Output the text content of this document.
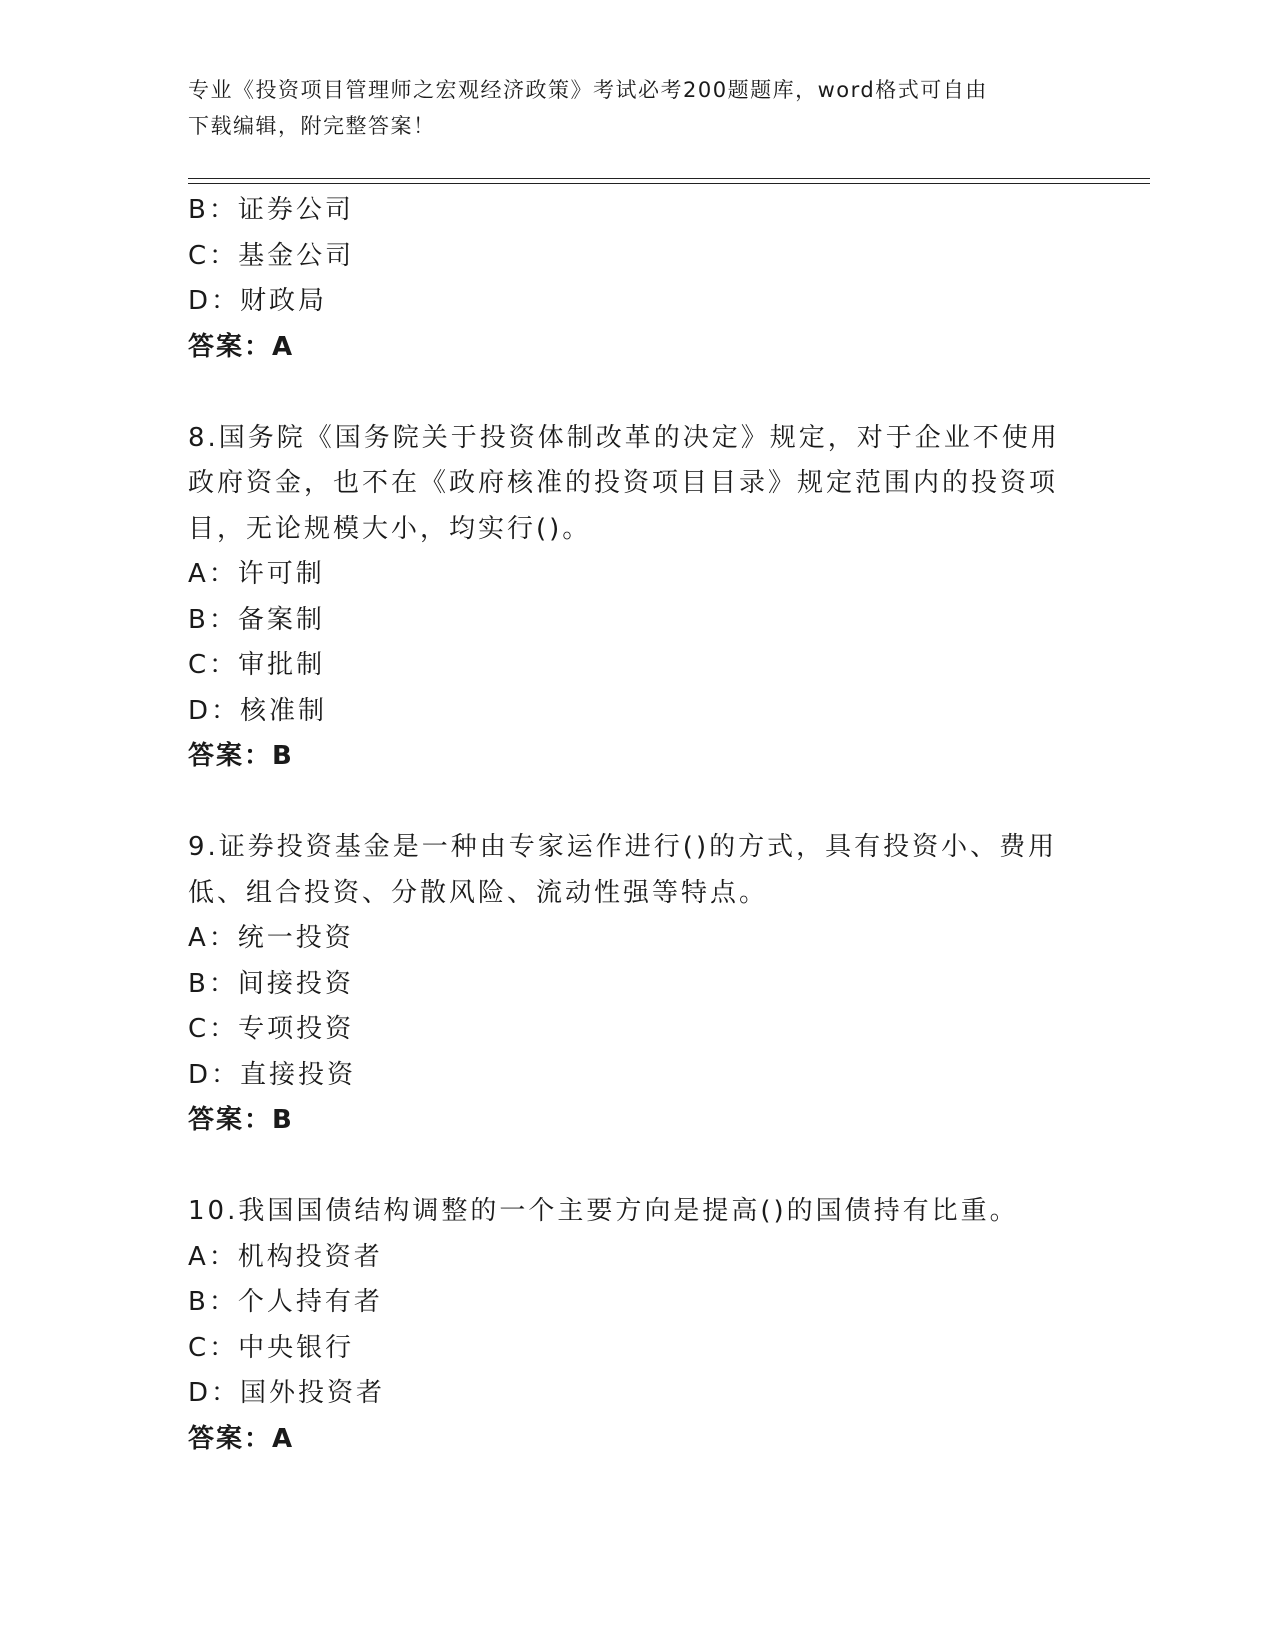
专业《投资项目管理师之宏观经济政策》考试必考200题题库，word格式可自由
下载编辑，附完整答案！
B：证券公司
C：基金公司
D：财政局
答案：A
8.国务院《国务院关于投资体制改革的决定》规定，对于企业不使用
政府资金，也不在《政府核准的投资项目目录》规定范围内的投资项
目，无论规模大小，均实行()。
A：许可制
B：备案制
C：审批制
D：核准制
答案：B
9.证券投资基金是一种由专家运作进行()的方式，具有投资小、费用
低、组合投资、分散风险、流动性强等特点。
A：统一投资
B：间接投资
C：专项投资
D：直接投资
答案：B
10.我国国债结构调整的一个主要方向是提高()的国债持有比重。
A：机构投资者
B：个人持有者
C：中央银行
D：国外投资者
答案：A
